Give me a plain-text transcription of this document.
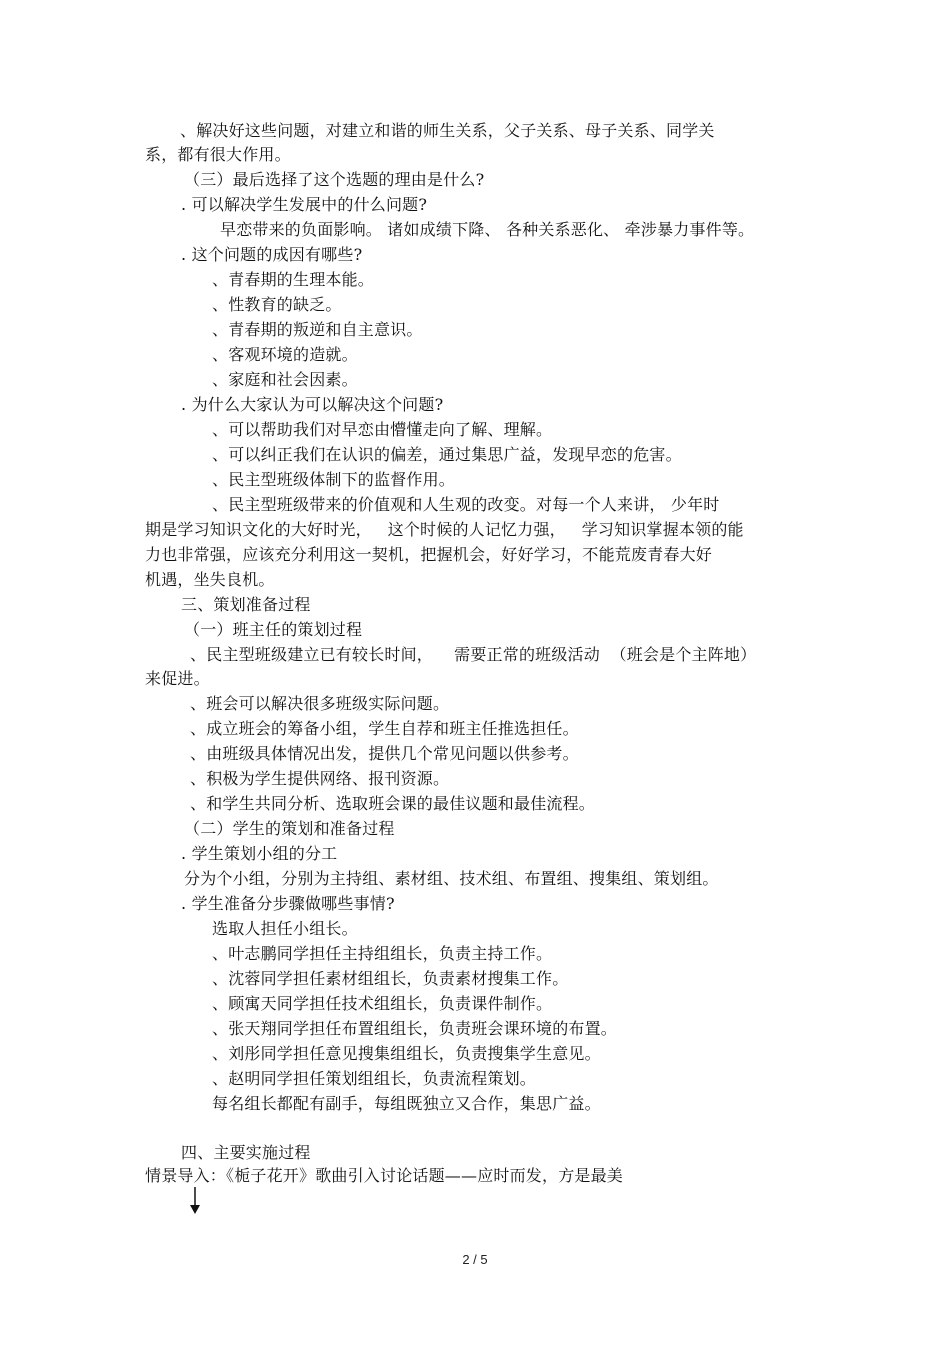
、解决好这些问题，对建立和谐的师生关系，父子关系、母子关系、同学关
系，都有很大作用。
（三）最后选择了这个选题的理由是什么?
. 可以解决学生发展中的什么问题?
早恋带来的负面影响。 诸如成绩下降、 各种关系恶化、 牵涉暴力事件等。
. 这个问题的成因有哪些?
、青春期的生理本能。
、性教育的缺乏。
、青春期的叛逆和自主意识。
、客观环境的造就。
、家庭和社会因素。
. 为什么大家认为可以解决这个问题?
、可以帮助我们对早恋由懵懂走向了解、理解。
、可以纠正我们在认识的偏差，通过集思广益，发现早恋的危害。
、民主型班级体制下的监督作用。
、民主型班级带来的价值观和人生观的改变。对每一个人来讲， 少年时
期是学习知识文化的大好时光，   这个时候的人记忆力强，   学习知识掌握本领的能
力也非常强，应该充分利用这一契机，把握机会，好好学习，不能荒废青春大好
机遇，坐失良机。
三、策划准备过程
（一）班主任的策划过程
、民主型班级建立已有较长时间，    需要正常的班级活动  （班会是个主阵地）
来促进。
、班会可以解决很多班级实际问题。
、成立班会的筹备小组，学生自荐和班主任推选担任。
、由班级具体情况出发，提供几个常见问题以供参考。
、积极为学生提供网络、报刊资源。
、和学生共同分析、选取班会课的最佳议题和最佳流程。
（二）学生的策划和准备过程
. 学生策划小组的分工
分为个小组，分别为主持组、素材组、技术组、布置组、搜集组、策划组。
. 学生准备分步骤做哪些事情?
选取人担任小组长。
、叶志鹏同学担任主持组组长，负责主持工作。
、沈蓉同学担任素材组组长，负责素材搜集工作。
、顾寓天同学担任技术组组长，负责课件制作。
、张天翔同学担任布置组组长，负责班会课环境的布置。
、刘彤同学担任意见搜集组组长，负责搜集学生意见。
、赵明同学担任策划组组长，负责流程策划。
每名组长都配有副手，每组既独立又合作，集思广益。
四、主要实施过程
情景导入：《栀子花开》歌曲引入讨论话题——应时而发，方是最美
2 / 5
